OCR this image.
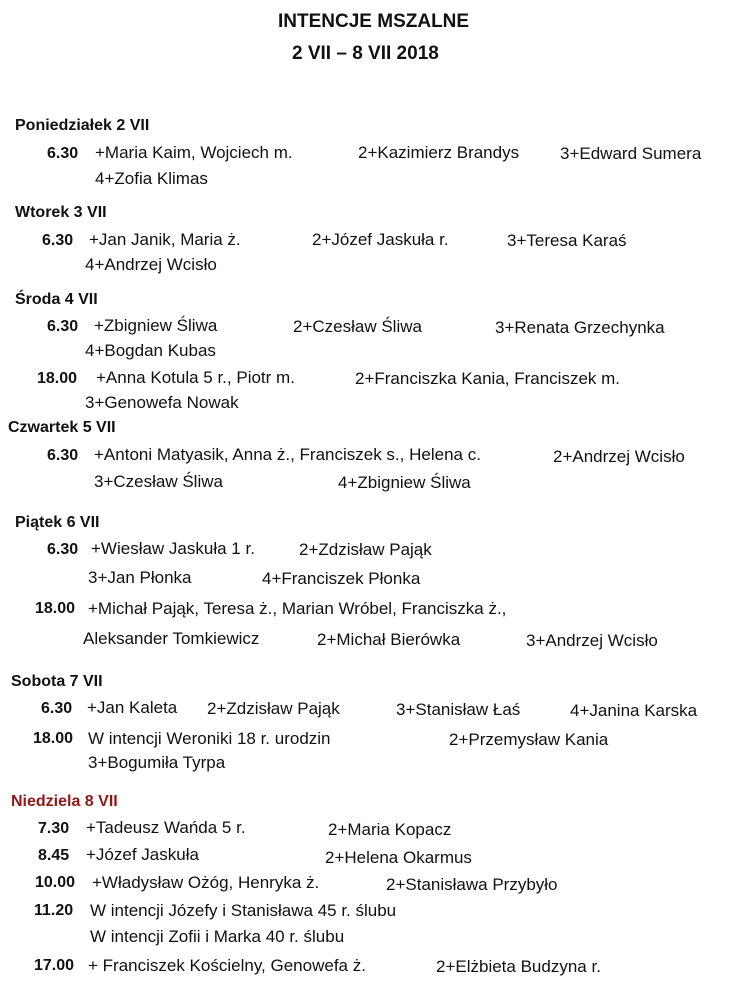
INTENCJE MSZALNE
2 VII – 8 VII 2018
Poniedziałek 2 VII
6.30 +Maria Kaim, Wojciech m.	2+Kazimierz Brandys 3+Edward Sumera
4+Zofia Klimas
Wtorek 3 VII
6.30 +Jan Janik, Maria ż.	2+Józef Jaskuła r.	3+Teresa Karaś
4+Andrzej Wcisło
Środa 4 VII
6.30 +Zbigniew Śliwa	2+Czesław Śliwa	3+Renata Grzechynka
4+Bogdan Kubas
18.00 +Anna Kotula 5 r., Piotr m.	2+Franciszka Kania, Franciszek m.
3+Genowefa Nowak
Czwartek 5 VII
6.30 +Antoni Matyasik, Anna ż., Franciszek s., Helena c.	2+Andrzej Wcisło
3+Czesław Śliwa	4+Zbigniew Śliwa
Piątek 6 VII
6.30 +Wiesław Jaskuła 1 r.	2+Zdzisław Pająk
3+Jan Płonka	4+Franciszek Płonka
18.00 +Michał Pająk, Teresa ż., Marian Wróbel, Franciszka ż.,
Aleksander Tomkiewicz	2+Michał Bierówka	3+Andrzej Wcisło
Sobota 7 VII
6.30 +Jan Kaleta 2+Zdzisław Pająk	3+Stanisław Łaś	4+Janina Karska
18.00 W intencji Weroniki 18 r. urodzin	2+Przemysław Kania
3+Bogumiła Tyrpa
Niedziela 8 VII
7.30 +Tadeusz Wańda 5 r.	2+Maria Kopacz
8.45 +Józef Jaskuła	2+Helena Okarmus
10.00 +Władysław Ożóg, Henryka ż.	2+Stanisława Przybyło
11.20 W intencji Józefy i Stanisława 45 r. ślubu
W intencji Zofii i Marka 40 r. ślubu
17.00 + Franciszek Kościelny, Genowefa ż.	2+Elżbieta Budzyna r.
